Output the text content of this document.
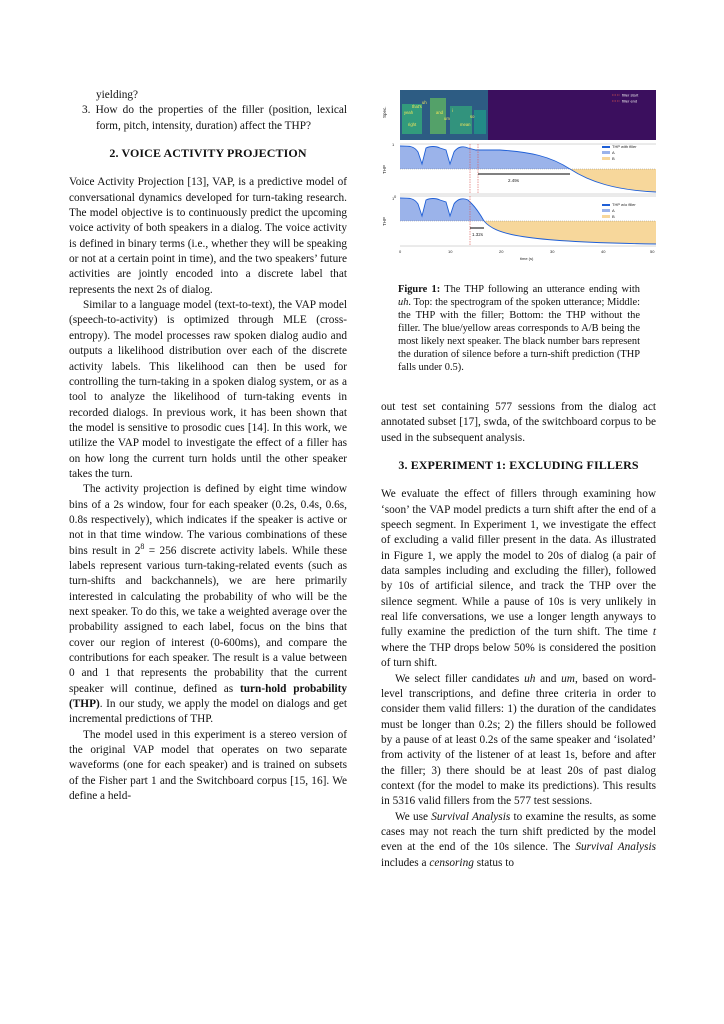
yielding?

3. How do the properties of the filler (position, lexical form, pitch, intensity, duration) affect the THP?

2. VOICE ACTIVITY PROJECTION

Voice Activity Projection [13], VAP, is a predictive model of conversational dynamics developed for turn-taking research. The model objective is to continuously predict the upcoming voice activity of both speakers in a dialog. The voice activity is defined in binary terms (i.e., whether they will be speaking or not at a certain point in time), and the two speakers’ future activities are jointly encoded into a discrete label that represents the next 2s of dialog.

Similar to a language model (text-to-text), the VAP model (speech-to-activity) is optimized through MLE (cross-entropy). The model processes raw spoken dialog audio and outputs a likelihood distribution over each of the discrete activity labels. This likelihood can then be used for controlling the turn-taking in a spoken dialog system, or as a tool to analyze the likelihood of turn-taking events in recorded dialogs. In previous work, it has been shown that the model is sensitive to prosodic cues [14]. In this work, we utilize the VAP model to investigate the effect of a filler has on how long the current turn holds until the other speaker takes the turn.

The activity projection is defined by eight time window bins of a 2s window, four for each speaker (0.2s, 0.4s, 0.6s, 0.8s respectively), which indicates if the speaker is active or not in that time window. The various combinations of these bins result in $2^8 = 256$ discrete activity labels. While these labels represent various turn-taking-related events (such as turn-shifts and backchannels), we are here primarily interested in calculating the probability of who will be the next speaker. To do this, we take a weighted average over the probability assigned to each label, focus on the bins that cover our region of interest (0-600ms), and compare the contributions for each speaker. The result is a value between 0 and 1 that represents the probability that the current speaker will continue, defined as turn-hold probability (THP). In our study, we apply the model on dialogs and get incremental predictions of THP.

The model used in this experiment is a stereo version of the original VAP model that operates on two separate waveforms (one for each speaker) and is trained on subsets of the Fisher part 1 and the Switchboard corpus [15, 16]. We define a held-

yeah
that's
uh
right
and
um
i
mean
so
Spec.
filler start
filler end
2.49s
1
THP
THP with filler
A
B
0
1.32s
1
THP
THP w/o filler
A
B
0	10	20	30	40	50
time (s)
Figure 1: The THP following an utterance ending with uh. Top: the spectrogram of the spoken utterance; Middle: the THP with the filler; Bottom: the THP without the filler. The blue/yellow areas corresponds to A/B being the most likely next speaker. The black number bars represent the duration of silence before a turn-shift prediction (THP falls under 0.5).

out test set containing 577 sessions from the dialog act annotated subset [17], swda, of the switchboard corpus to be used in the subsequent analysis.

3. EXPERIMENT 1: EXCLUDING FILLERS

We evaluate the effect of fillers through examining how ‘soon’ the VAP model predicts a turn shift after the end of a speech segment. In Experiment 1, we investigate the effect of excluding a valid filler present in the data. As illustrated in Figure 1, we apply the model to 20s of dialog (a pair of data samples including and excluding the filler), followed by 10s of artificial silence, and track the THP over the silence segment. While a pause of 10s is very unlikely in real life conversations, we use a longer length anyways to fully examine the prediction of the turn shift. The time t where the THP drops below 50% is considered the position of turn shift.

We select filler candidates uh and um, based on word-level transcriptions, and define three criteria in order to consider them valid fillers: 1) the duration of the candidates must be longer than 0.2s; 2) the fillers should be followed by a pause of at least 0.2s of the same speaker and ‘isolated’ from activity of the listener of at least 1s, before and after the filler; 3) there should be at least 20s of past dialog context (for the model to make its predictions). This results in 5316 valid fillers from the 577 test sessions.

We use Survival Analysis to examine the results, as some cases may not reach the turn shift predicted by the model even at the end of the 10s silence. The Survival Analysis includes a censoring status to
